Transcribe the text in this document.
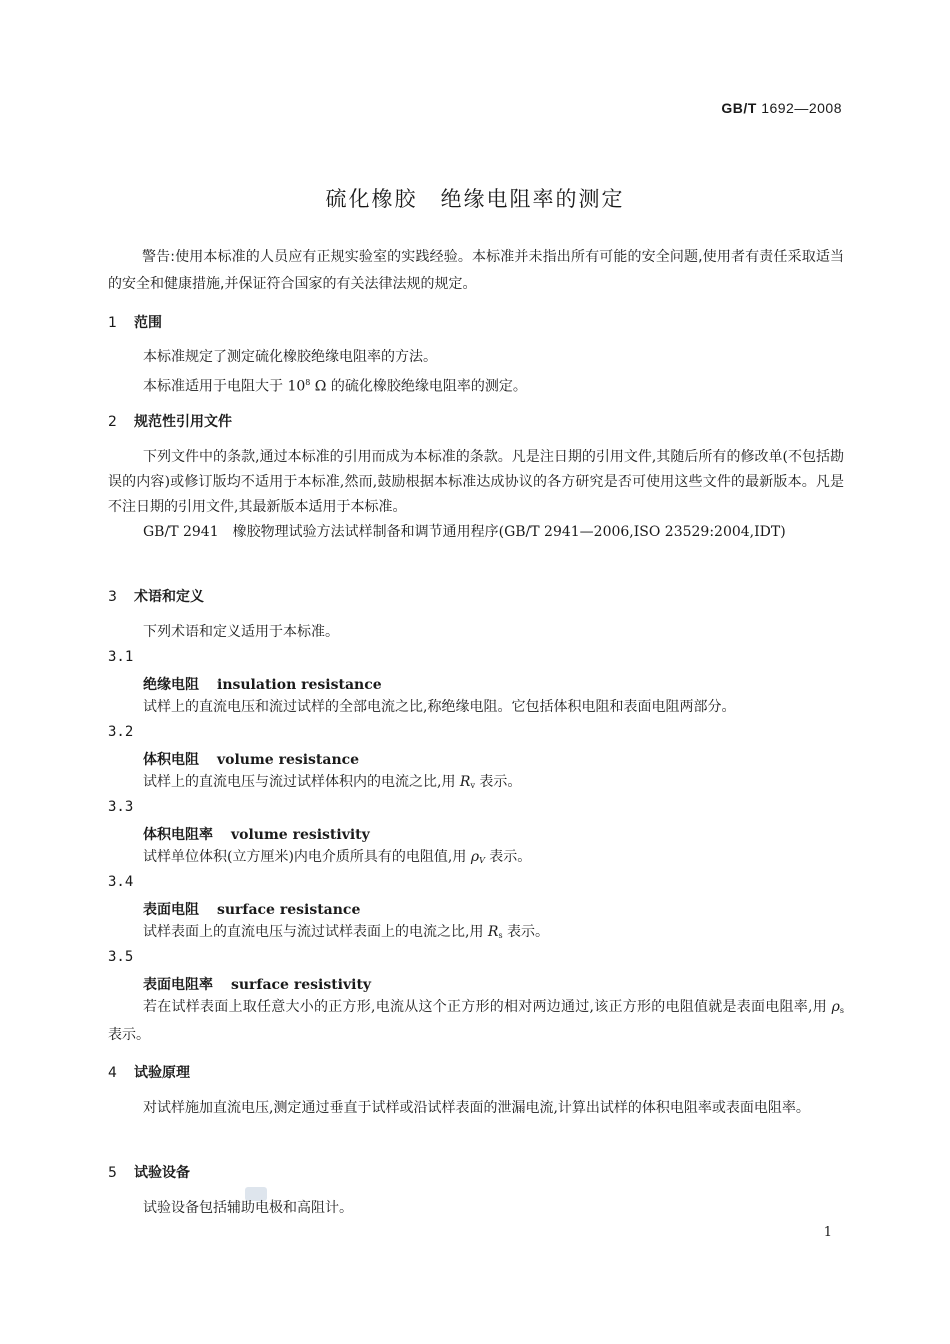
GB/T 1692—2008
硫化橡胶　绝缘电阻率的测定
警告:使用本标准的人员应有正规实验室的实践经验。本标准并未指出所有可能的安全问题,使用者有责任采取适当的安全和健康措施,并保证符合国家的有关法律法规的规定。
1 范围
本标准规定了测定硫化橡胶绝缘电阻率的方法。
本标准适用于电阻大于 $10^8$ Ω 的硫化橡胶绝缘电阻率的测定。
2 规范性引用文件
下列文件中的条款,通过本标准的引用而成为本标准的条款。凡是注日期的引用文件,其随后所有的修改单(不包括勘误的内容)或修订版均不适用于本标准,然而,鼓励根据本标准达成协议的各方研究是否可使用这些文件的最新版本。凡是不注日期的引用文件,其最新版本适用于本标准。
GB/T 2941　橡胶物理试验方法试样制备和调节通用程序(GB/T 2941—2006,ISO 23529:2004,IDT)
3 术语和定义
下列术语和定义适用于本标准。
3.1
绝缘电阻 insulation resistance
试样上的直流电压和流过试样的全部电流之比,称绝缘电阻。它包括体积电阻和表面电阻两部分。
3.2
体积电阻 volume resistance
试样上的直流电压与流过试样体积内的电流之比,用 Rv 表示。
3.3
体积电阻率 volume resistivity
试样单位体积(立方厘米)内电介质所具有的电阻值,用 ρV 表示。
3.4
表面电阻 surface resistance
试样表面上的直流电压与流过试样表面上的电流之比,用 Rs 表示。
3.5
表面电阻率 surface resistivity
若在试样表面上取任意大小的正方形,电流从这个正方形的相对两边通过,该正方形的电阻值就是表面电阻率,用 ρs 表示。
4 试验原理
对试样施加直流电压,测定通过垂直于试样或沿试样表面的泄漏电流,计算出试样的体积电阻率或表面电阻率。
5 试验设备
试验设备包括辅助电极和高阻计。
1
